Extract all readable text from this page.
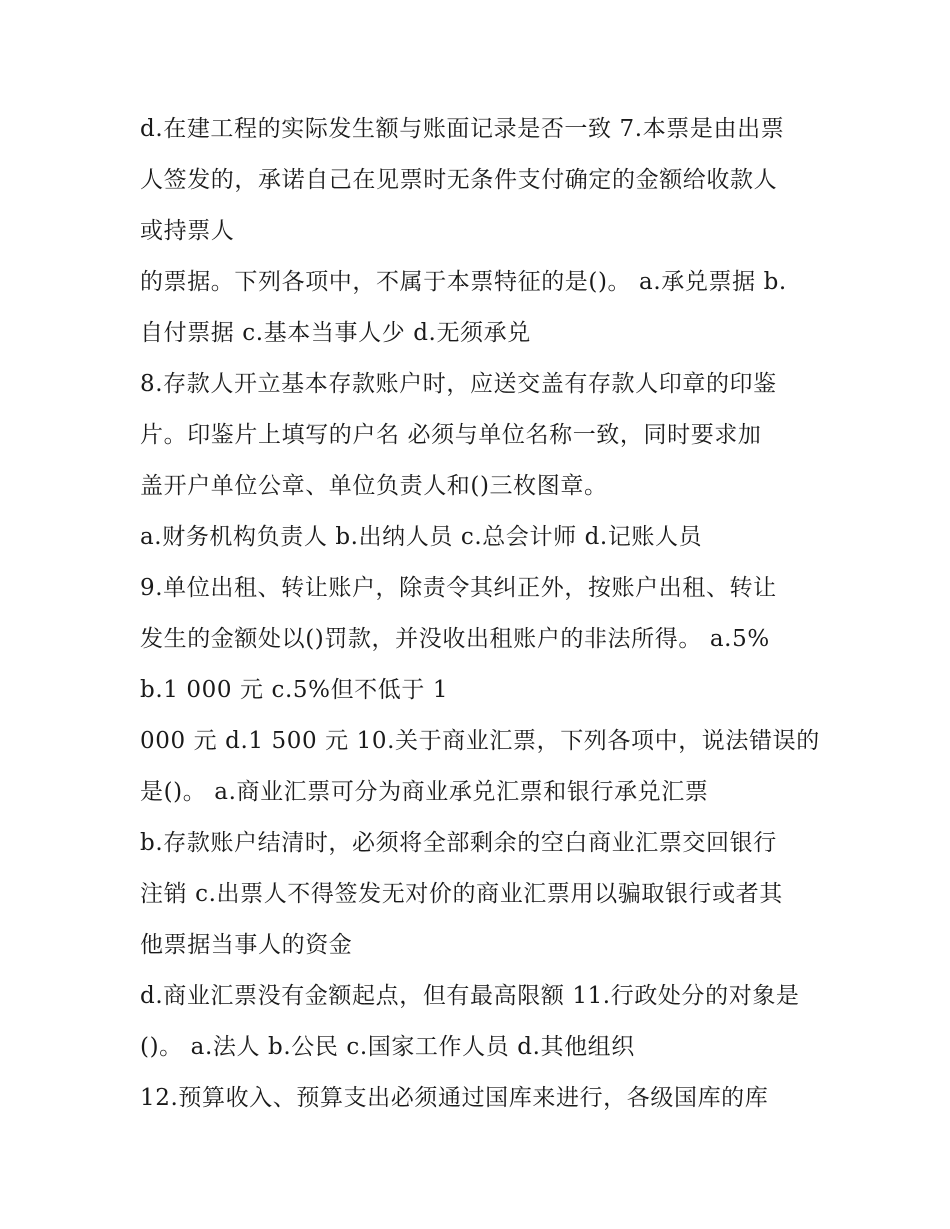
d.在建工程的实际发生额与账面记录是否一致 7.本票是由出票
人签发的，承诺自己在见票时无条件支付确定的金额给收款人
或持票人
的票据。下列各项中，不属于本票特征的是()。 a.承兑票据 b.
自付票据 c.基本当事人少 d.无须承兑
8.存款人开立基本存款账户时，应送交盖有存款人印章的印鉴
片。印鉴片上填写的户名 必须与单位名称一致，同时要求加
盖开户单位公章、单位负责人和()三枚图章。
a.财务机构负责人 b.出纳人员 c.总会计师 d.记账人员
9.单位出租、转让账户，除责令其纠正外，按账户出租、转让
发生的金额处以()罚款，并没收出租账户的非法所得。 a.5%
b.1 000 元 c.5%但不低于 1
000 元 d.1 500 元 10.关于商业汇票，下列各项中，说法错误的
是()。 a.商业汇票可分为商业承兑汇票和银行承兑汇票
b.存款账户结清时，必须将全部剩余的空白商业汇票交回银行
注销 c.出票人不得签发无对价的商业汇票用以骗取银行或者其
他票据当事人的资金
d.商业汇票没有金额起点，但有最高限额 11.行政处分的对象是
()。 a.法人 b.公民 c.国家工作人员 d.其他组织
12.预算收入、预算支出必须通过国库来进行，各级国库的库
